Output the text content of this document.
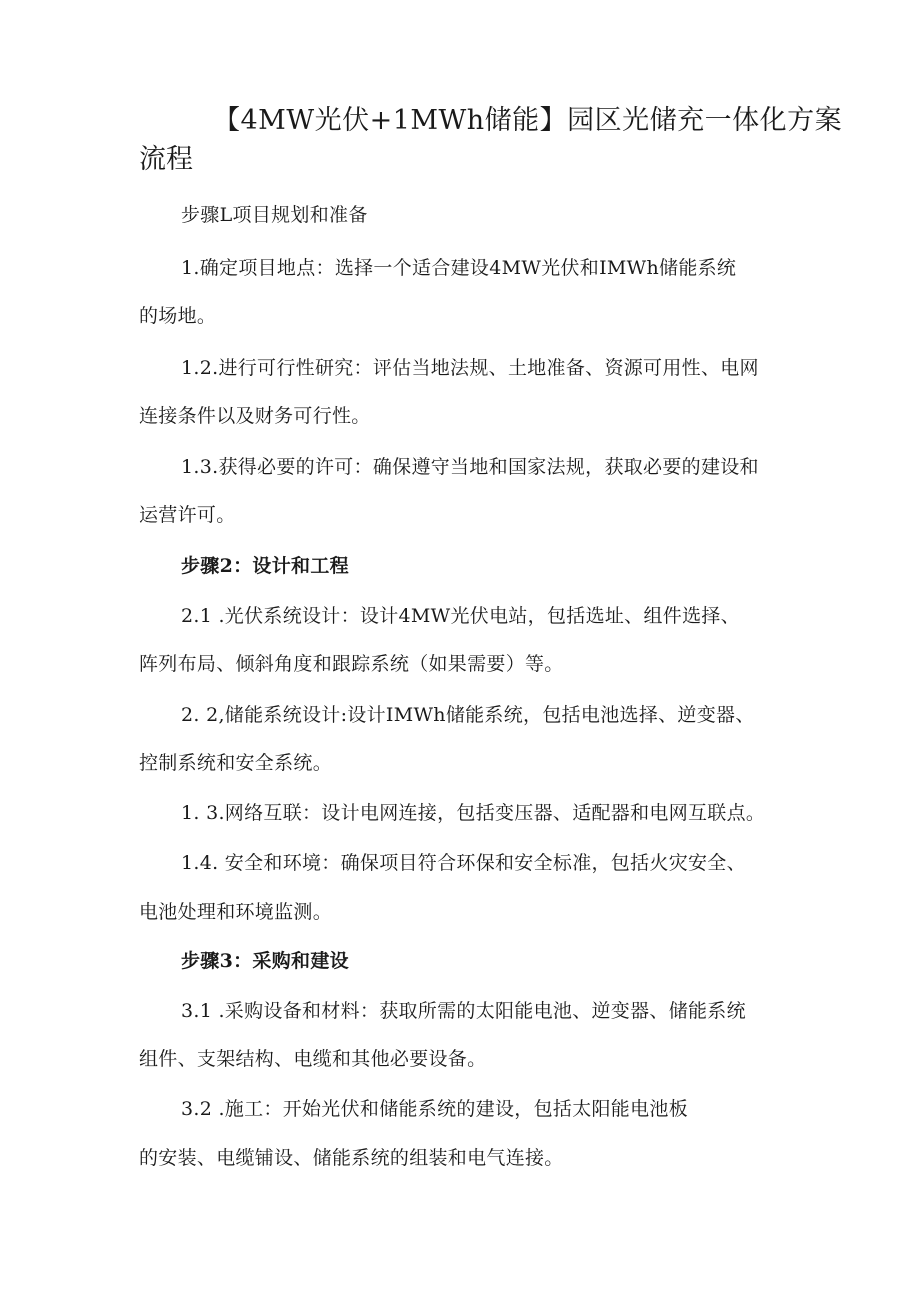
【4MW光伏+1MWh储能】园区光储充一体化方案
流程
步骤L项目规划和准备
1.确定项目地点：选择一个适合建设4MW光伏和IMWh储能系统
的场地。
1.2.进行可行性研究：评估当地法规、土地准备、资源可用性、电网
连接条件以及财务可行性。
1.3.获得必要的许可：确保遵守当地和国家法规，获取必要的建设和
运营许可。
步骤2：设计和工程
2.1 .光伏系统设计：设计4MW光伏电站，包括选址、组件选择、
阵列布局、倾斜角度和跟踪系统（如果需要）等。
2. 2,储能系统设计:设计IMWh储能系统，包括电池选择、逆变器、
控制系统和安全系统。
1. 3.网络互联：设计电网连接，包括变压器、适配器和电网互联点。
1.4. 安全和环境：确保项目符合环保和安全标准，包括火灾安全、
电池处理和环境监测。
步骤3：采购和建设
3.1 .采购设备和材料：获取所需的太阳能电池、逆变器、储能系统
组件、支架结构、电缆和其他必要设备。
3.2 .施工：开始光伏和储能系统的建设，包括太阳能电池板
的安装、电缆铺设、储能系统的组装和电气连接。
